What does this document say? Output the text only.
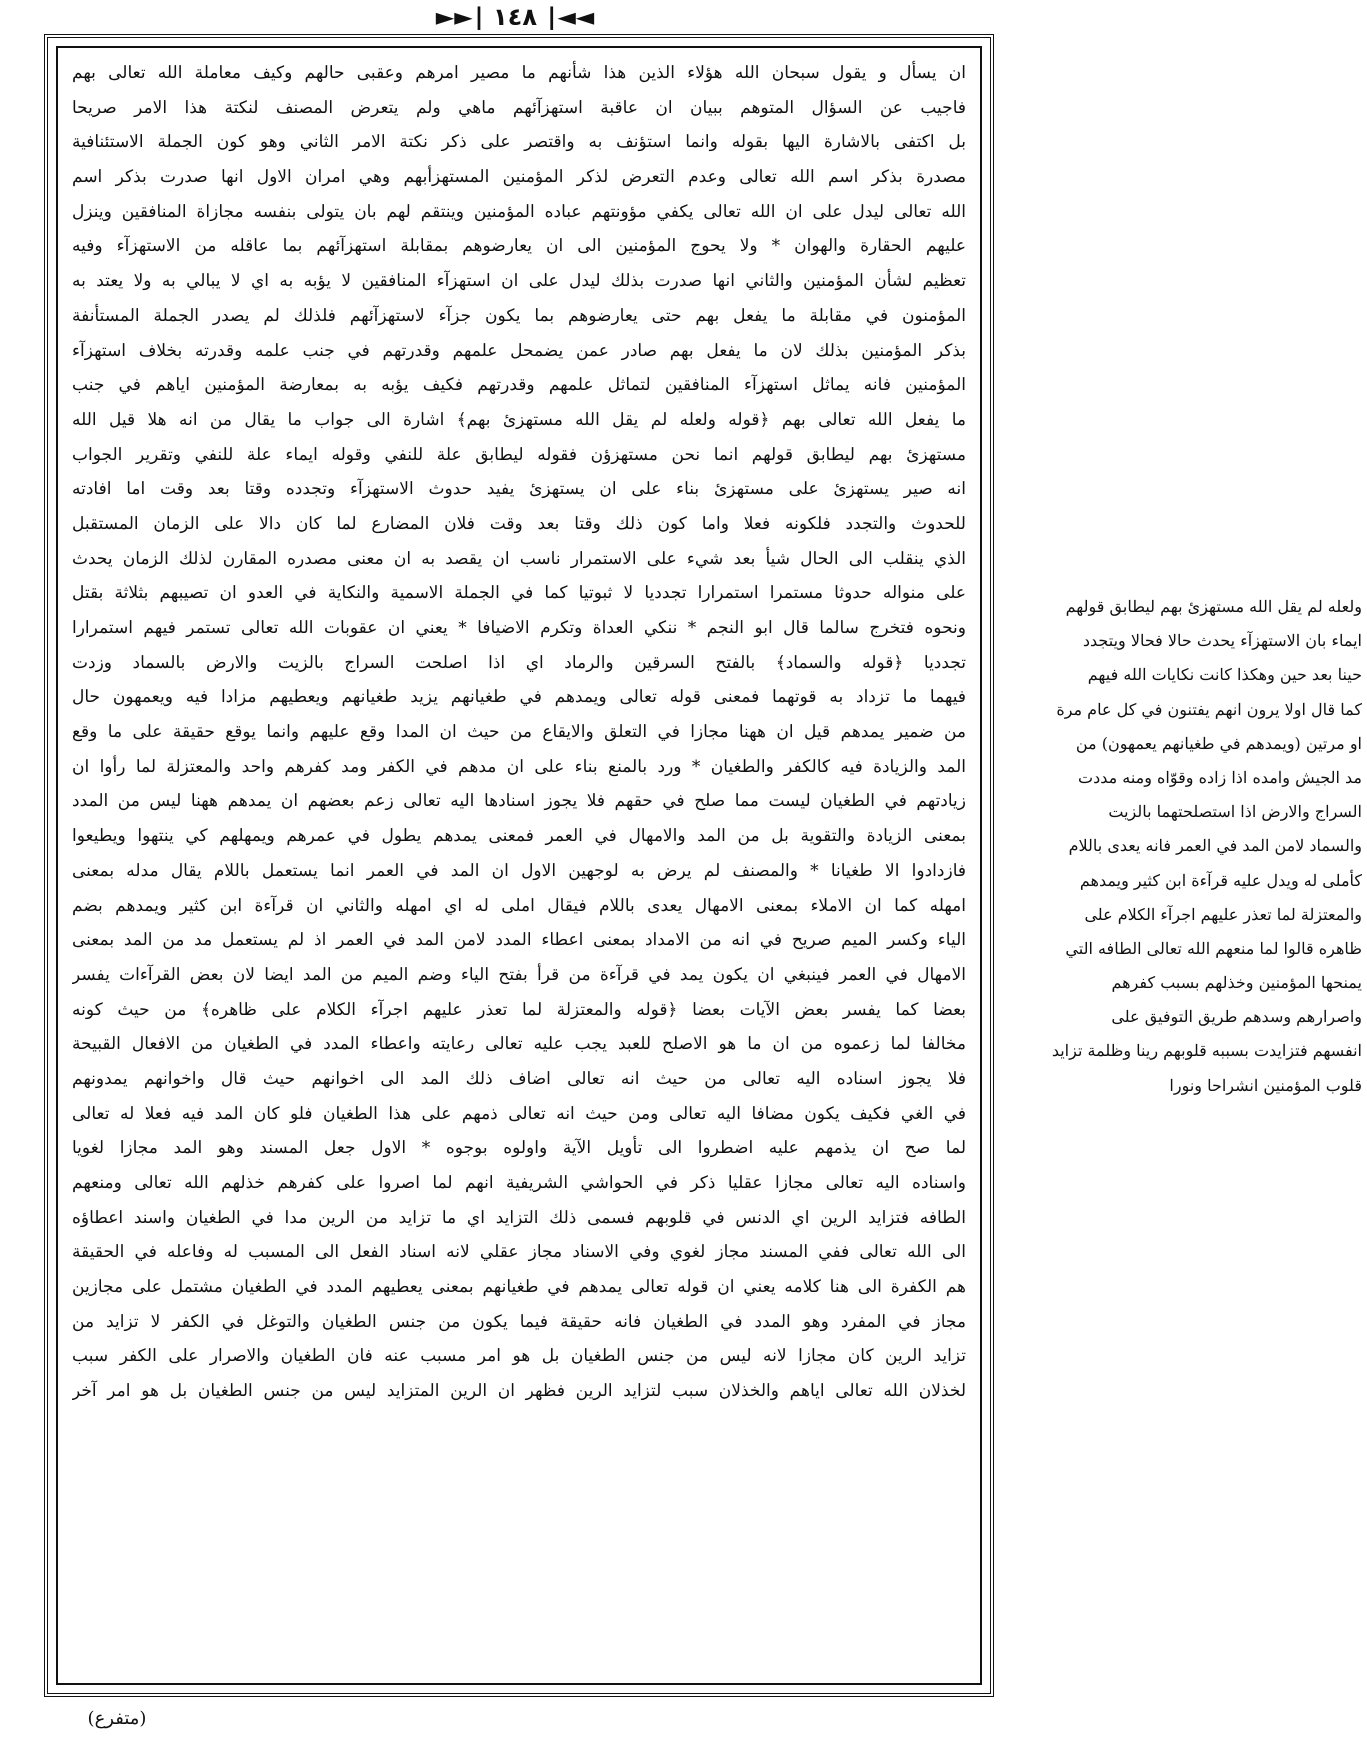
◄◄∣ ١٤٨ ∣►►
ان يسأل و يقول سبحان الله هؤلاء الذين هذا شأنهم ما مصير امرهم وعقبى حالهم وكيف معاملة الله تعالى بهم
فاجيب عن السؤال المتوهم ببيان ان عاقبة استهزآئهم ماهي ولم يتعرض المصنف لنكتة هذا الامر صريحا
بل اكتفى بالاشارة اليها بقوله وانما استؤنف به واقتصر على ذكر نكتة الامر الثاني وهو كون الجملة الاستئنافية
مصدرة بذكر اسم الله تعالى وعدم التعرض لذكر المؤمنين المستهزأبهم وهي امران الاول انها صدرت بذكر اسم
الله تعالى ليدل على ان الله تعالى يكفي مؤونتهم عباده المؤمنين وينتقم لهم بان يتولى بنفسه مجازاة المنافقين وينزل
عليهم الحقارة والهوان * ولا يحوج المؤمنين الى ان يعارضوهم بمقابلة استهزآئهم بما عاقله من الاستهزآء وفيه
تعظيم لشأن المؤمنين والثاني انها صدرت بذلك ليدل على ان استهزآء المنافقين لا يؤبه به اي لا يبالي به ولا يعتد به
المؤمنون في مقابلة ما يفعل بهم حتى يعارضوهم بما يكون جزآء لاستهزآئهم فلذلك لم يصدر الجملة المستأنفة
بذكر المؤمنين بذلك لان ما يفعل بهم صادر عمن يضمحل علمهم وقدرتهم في جنب علمه وقدرته بخلاف استهزآء
المؤمنين فانه يماثل استهزآء المنافقين لتماثل علمهم وقدرتهم فكيف يؤبه به بمعارضة المؤمنين اياهم في جنب
ما يفعل الله تعالى بهم ﴿قوله ولعله لم يقل الله مستهزئ بهم﴾ اشارة الى جواب ما يقال من انه هلا قيل الله
مستهزئ بهم ليطابق قولهم انما نحن مستهزؤن فقوله ليطابق علة للنفي وقوله ايماء علة للنفي وتقرير الجواب
انه صير يستهزئ على مستهزئ بناء على ان يستهزئ يفيد حدوث الاستهزآء وتجدده وقتا بعد وقت اما افادته
للحدوث والتجدد فلكونه فعلا واما كون ذلك وقتا بعد وقت فلان المضارع لما كان دالا على الزمان المستقبل
الذي ينقلب الى الحال شيأ بعد شيء على الاستمرار ناسب ان يقصد به ان معنى مصدره المقارن لذلك الزمان يحدث
على منواله حدوثا مستمرا استمرارا تجدديا لا ثبوتيا كما في الجملة الاسمية والنكاية في العدو ان تصيبهم بثلاثة بقتل
ونحوه فتخرج سالما قال ابو النجم * ننكي العداة وتكرم الاضيافا * يعني ان عقوبات الله تعالى تستمر فيهم استمرارا
تجدديا ﴿قوله والسماد﴾ بالفتح السرقين والرماد اي اذا اصلحت السراج بالزيت والارض بالسماد وزدت
فيهما ما تزداد به قوتهما فمعنى قوله تعالى ويمدهم في طغيانهم يزيد طغيانهم ويعطيهم مزادا فيه ويعمهون حال
من ضمير يمدهم قيل ان ههنا مجازا في التعلق والايقاع من حيث ان المدا وقع عليهم وانما يوقع حقيقة على ما وقع
المد والزيادة فيه كالكفر والطغيان * ورد بالمنع بناء على ان مدهم في الكفر ومد كفرهم واحد والمعتزلة لما رأوا ان
زيادتهم في الطغيان ليست مما صلح في حقهم فلا يجوز اسنادها اليه تعالى زعم بعضهم ان يمدهم ههنا ليس من المدد
بمعنى الزيادة والتقوية بل من المد والامهال في العمر فمعنى يمدهم يطول في عمرهم ويمهلهم كي ينتهوا ويطيعوا
فازدادوا الا طغيانا * والمصنف لم يرض به لوجهين الاول ان المد في العمر انما يستعمل باللام يقال مدله بمعنى
امهله كما ان الاملاء بمعنى الامهال يعدى باللام فيقال املى له اي امهله والثاني ان قرآءة ابن كثير ويمدهم بضم
الياء وكسر الميم صريح في انه من الامداد بمعنى اعطاء المدد لامن المد في العمر اذ لم يستعمل مد من المد بمعنى
الامهال في العمر فينبغي ان يكون يمد في قرآءة من قرأ بفتح الياء وضم الميم من المد ايضا لان بعض القرآءات يفسر
بعضا كما يفسر بعض الآيات بعضا ﴿قوله والمعتزلة لما تعذر عليهم اجرآء الكلام على ظاهره﴾ من حيث كونه
مخالفا لما زعموه من ان ما هو الاصلح للعبد يجب عليه تعالى رعايته واعطاء المدد في الطغيان من الافعال القبيحة
فلا يجوز اسناده اليه تعالى من حيث انه تعالى اضاف ذلك المد الى اخوانهم حيث قال واخوانهم يمدونهم
في الغي فكيف يكون مضافا اليه تعالى ومن حيث انه تعالى ذمهم على هذا الطغيان فلو كان المد فيه فعلا له تعالى
لما صح ان يذمهم عليه اضطروا الى تأويل الآية واولوه بوجوه * الاول جعل المسند وهو المد مجازا لغويا
واسناده اليه تعالى مجازا عقليا ذكر في الحواشي الشريفية انهم لما اصروا على كفرهم خذلهم الله تعالى ومنعهم
الطافه فتزايد الرين اي الدنس في قلوبهم فسمى ذلك التزايد اي ما تزايد من الرين مدا في الطغيان واسند اعطاؤه
الى الله تعالى ففي المسند مجاز لغوي وفي الاسناد مجاز عقلي لانه اسناد الفعل الى المسبب له وفاعله في الحقيقة
هم الكفرة الى هنا كلامه يعني ان قوله تعالى يمدهم في طغيانهم بمعنى يعطيهم المدد في الطغيان مشتمل على مجازين
مجاز في المفرد وهو المدد في الطغيان فانه حقيقة فيما يكون من جنس الطغيان والتوغل في الكفر لا تزايد من
تزايد الرين كان مجازا لانه ليس من جنس الطغيان بل هو امر مسبب عنه فان الطغيان والاصرار على الكفر سبب
لخذلان الله تعالى اياهم والخذلان سبب لتزايد الرين فظهر ان الرين المتزايد ليس من جنس الطغيان بل هو امر آخر
ولعله لم يقل الله مستهزئ بهم ليطابق قولهم
ايماء بان الاستهزآء يحدث حالا فحالا ويتجدد
حينا بعد حين وهكذا كانت نكايات الله فيهم
كما قال اولا يرون انهم يفتنون في كل عام مرة
او مرتين (ويمدهم في طغيانهم يعمهون) من
مد الجيش وامده اذا زاده وقوّاه ومنه مددت
السراج والارض اذا استصلحتهما بالزيت
والسماد لامن المد في العمر فانه يعدى باللام
كأملى له ويدل عليه قرآءة ابن كثير ويمدهم
والمعتزلة لما تعذر عليهم اجرآء الكلام على
ظاهره قالوا لما منعهم الله تعالى الطافه التي
يمنحها المؤمنين وخذلهم بسبب كفرهم
واصرارهم وسدهم طريق التوفيق على
انفسهم فتزايدت بسببه قلوبهم رينا وظلمة تزايد
قلوب المؤمنين انشراحا ونورا
(متفرع)
